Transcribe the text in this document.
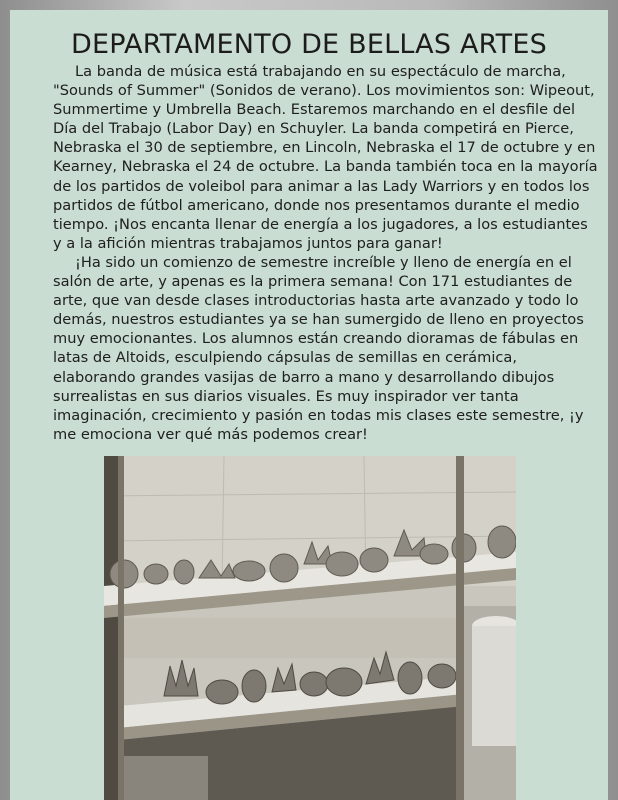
DEPARTAMENTO DE BELLAS ARTES

La banda de música está trabajando en su espectáculo de marcha, "Sounds of Summer" (Sonidos de verano). Los movimientos son: Wipeout, Summertime y Umbrella Beach. Estaremos marchando en el desfile del Día del Trabajo (Labor Day) en Schuyler. La banda competirá en Pierce, Nebraska el 30 de septiembre, en Lincoln, Nebraska el 17 de octubre y en Kearney, Nebraska el 24 de octubre. La banda también toca en la mayoría de los partidos de voleibol para animar a las Lady Warriors y en todos los partidos de fútbol americano, donde nos presentamos durante el medio tiempo. ¡Nos encanta llenar de energía a los jugadores, a los estudiantes y a la afición mientras trabajamos juntos para ganar!

¡Ha sido un comienzo de semestre increíble y lleno de energía en el salón de arte, y apenas es la primera semana! Con 171 estudiantes de arte, que van desde clases introductorias hasta arte avanzado y todo lo demás, nuestros estudiantes ya se han sumergido de lleno en proyectos muy emocionantes. Los alumnos están creando dioramas de fábulas en latas de Altoids, esculpiendo cápsulas de semillas en cerámica, elaborando grandes vasijas de barro a mano y desarrollando dibujos surrealistas en sus diarios visuales. Es muy inspirador ver tanta imaginación, crecimiento y pasión en todas mis clases este semestre, ¡y me emociona ver qué más podemos crear!
